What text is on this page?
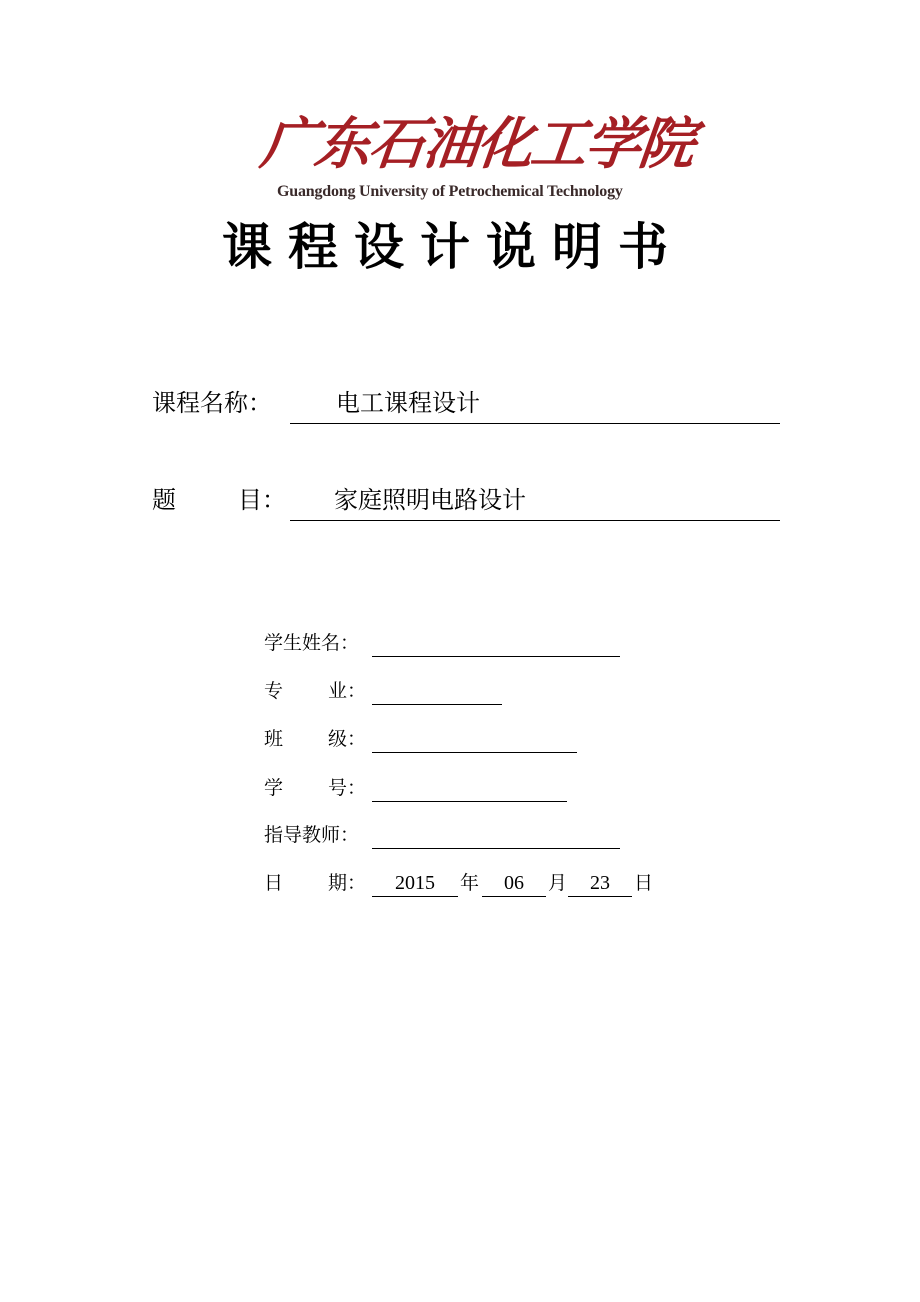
广东石油化工学院
Guangdong University of Petrochemical Technology
课程设计说明书
课程名称：	电工课程设计
题	目： 家庭照明电路设计
学生姓名：
专 业：
班 级：
学 号：
指导教师：
日 期：	2015	年	06	月	23	日
